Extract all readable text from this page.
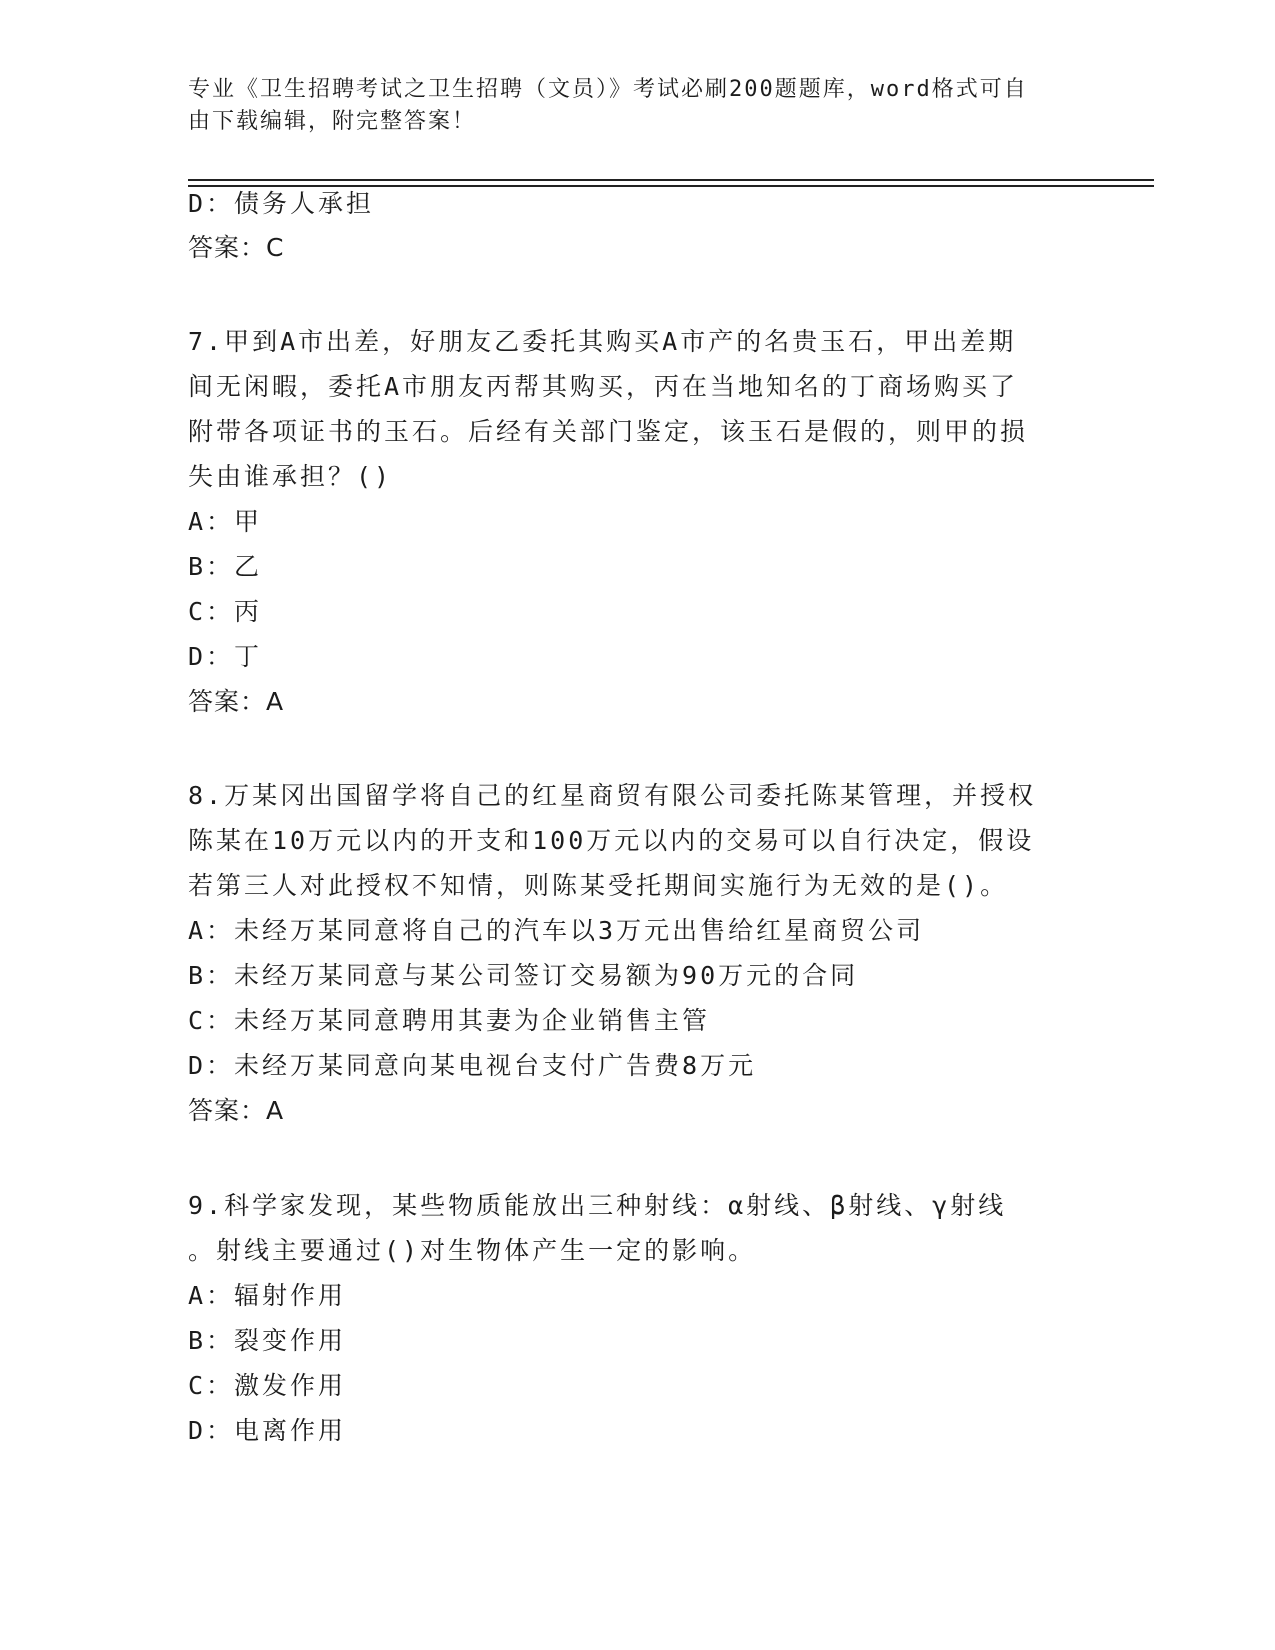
专业《卫生招聘考试之卫生招聘（文员）》考试必刷200题题库，word格式可自
由下载编辑，附完整答案！
D：债务人承担
答案：C
7.甲到A市出差，好朋友乙委托其购买A市产的名贵玉石，甲出差期
间无闲暇，委托A市朋友丙帮其购买，丙在当地知名的丁商场购买了
附带各项证书的玉石。后经有关部门鉴定，该玉石是假的，则甲的损
失由谁承担？()
A：甲
B：乙
C：丙
D：丁
答案：A
8.万某冈出国留学将自己的红星商贸有限公司委托陈某管理，并授权
陈某在10万元以内的开支和100万元以内的交易可以自行决定，假设
若第三人对此授权不知情，则陈某受托期间实施行为无效的是()。
A：未经万某同意将自己的汽车以3万元出售给红星商贸公司
B：未经万某同意与某公司签订交易额为90万元的合同
C：未经万某同意聘用其妻为企业销售主管
D：未经万某同意向某电视台支付广告费8万元
答案：A
9.科学家发现，某些物质能放出三种射线：α射线、β射线、γ射线
。射线主要通过()对生物体产生一定的影响。
A：辐射作用
B：裂变作用
C：激发作用
D：电离作用
